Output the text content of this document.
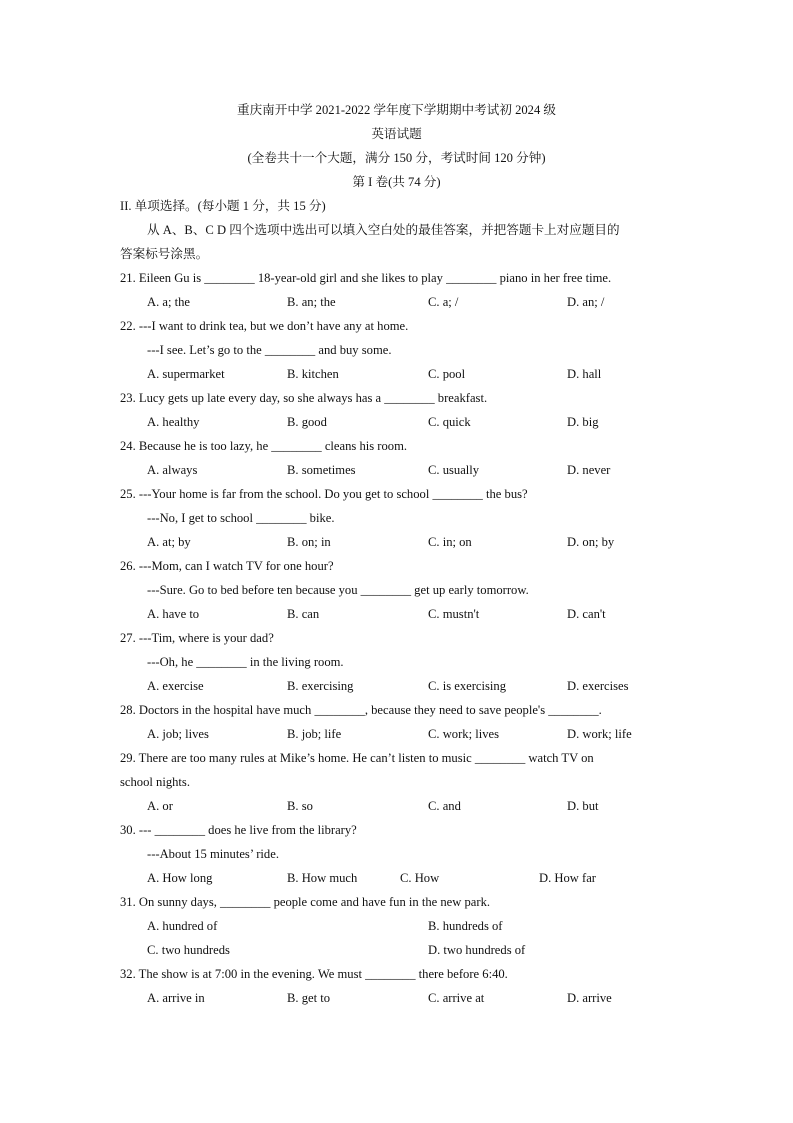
重庆南开中学 2021-2022 学年度下学期期中考试初 2024 级
英语试题
(全卷共十一个大题，满分 150 分，考试时间 120 分钟)
第 I 卷(共 74 分)
II. 单项选择。(每小题 1 分，共 15 分)
从 A、B、C D 四个选项中选出可以填入空白处的最佳答案，并把答题卡上对应题目的
答案标号涂黑。
21. Eileen Gu is ________ 18-year-old girl and she likes to play ________ piano in her free time.
A. a; the	B. an; the	C. a; /	D. an; /
22. ---I want to drink tea, but we don’t have any at home.
---I see. Let’s go to the ________ and buy some.
A. supermarket	B. kitchen	C. pool	D. hall
23. Lucy gets up late every day, so she always has a ________ breakfast.
A. healthy	B. good	C. quick	D. big
24. Because he is too lazy, he ________ cleans his room.
A. always	B. sometimes	C. usually	D. never
25. ---Your home is far from the school. Do you get to school ________ the bus?
---No, I get to school ________ bike.
A. at; by	B. on; in	C. in; on	D. on; by
26. ---Mom, can I watch TV for one hour?
---Sure. Go to bed before ten because you ________ get up early tomorrow.
A. have to	B. can	C. mustn't	D. can't
27. ---Tim, where is your dad?
---Oh, he ________ in the living room.
A. exercise	B. exercising	C. is exercising	D. exercises
28. Doctors in the hospital have much ________, because they need to save people's ________.
A. job; lives	B. job; life	C. work; lives	D. work; life
29. There are too many rules at Mike’s home. He can’t listen to music ________ watch TV on
school nights.
A. or	B. so	C. and	D. but
30. --- ________ does he live from the library?
---About 15 minutes’ ride.
A. How long	B. How much	C. How	D. How far
31. On sunny days, ________ people come and have fun in the new park.
A. hundred of	B. hundreds of
C. two hundreds	D. two hundreds of
32. The show is at 7:00 in the evening. We must ________ there before 6:40.
A. arrive in	B. get to	C. arrive at	D. arrive
